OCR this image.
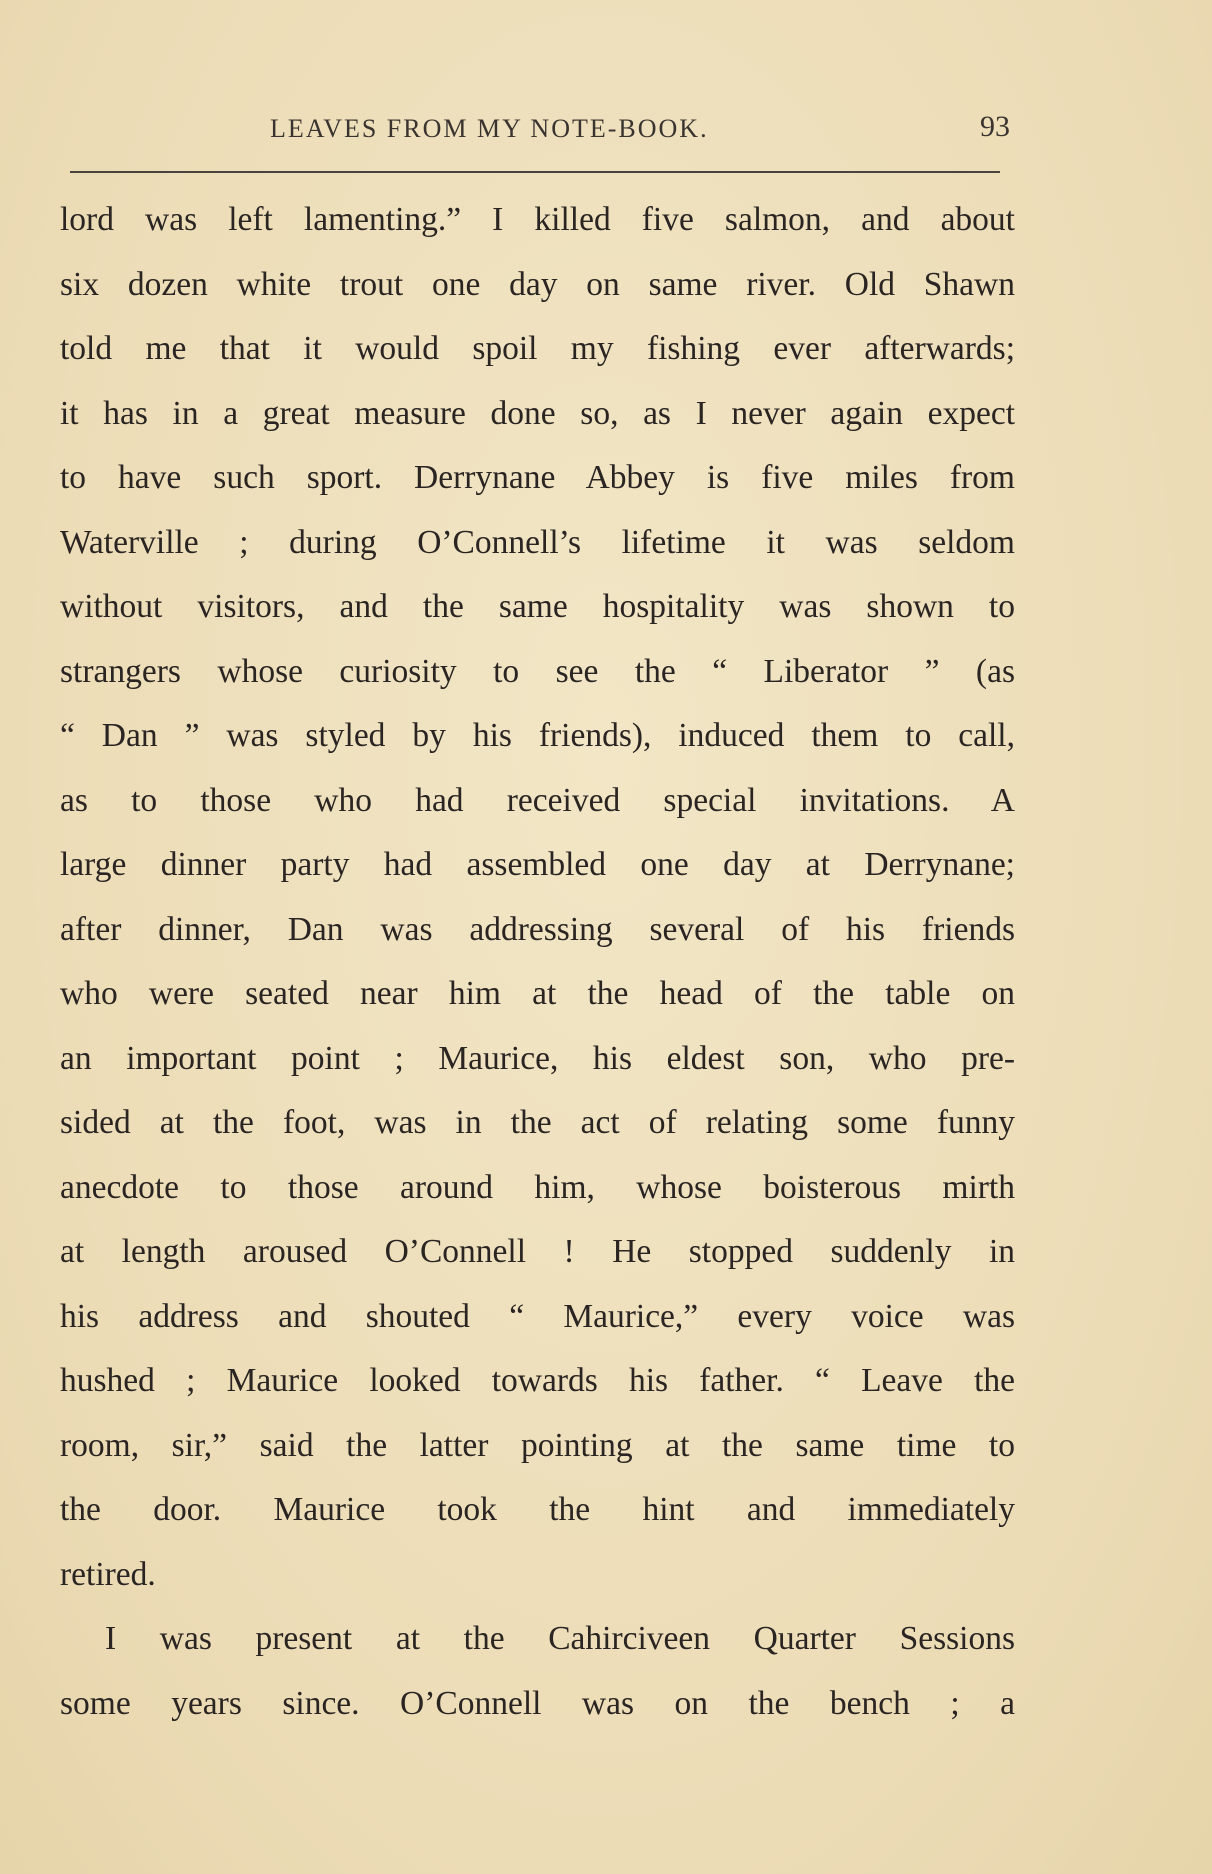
LEAVES FROM MY NOTE-BOOK.	93
lord was left lamenting.” I killed five salmon, and about
six dozen white trout one day on same river. Old Shawn
told me that it would spoil my fishing ever afterwards;
it has in a great measure done so, as I never again expect
to have such sport. Derrynane Abbey is five miles from
Waterville ; during O’Connell’s lifetime it was seldom
without visitors, and the same hospitality was shown to
strangers whose curiosity to see the “ Liberator ” (as
“ Dan ” was styled by his friends), induced them to call,
as to those who had received special invitations. A
large dinner party had assembled one day at Derrynane;
after dinner, Dan was addressing several of his friends
who were seated near him at the head of the table on
an important point ; Maurice, his eldest son, who pre-
sided at the foot, was in the act of relating some funny
anecdote to those around him, whose boisterous mirth
at length aroused O’Connell ! He stopped suddenly in
his address and shouted “ Maurice,” every voice was
hushed ; Maurice looked towards his father. “ Leave the
room, sir,” said the latter pointing at the same time to
the door. Maurice took the hint and immediately
retired.
I was present at the Cahirciveen Quarter Sessions
some years since. O’Connell was on the bench ; a
